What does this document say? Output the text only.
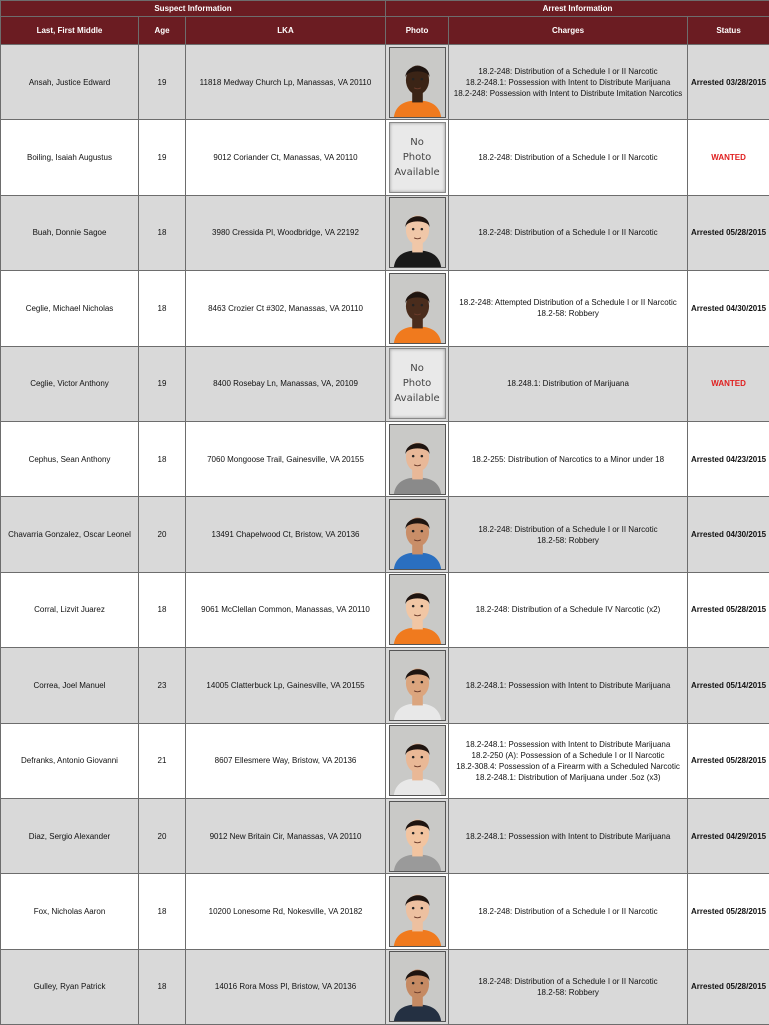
Suspect Information			Arrest Information		
Last, First Middle	Age	LKA	Photo	Charges	Status
Ansah, Justice Edward	19	11818 Medway Church Lp, Manassas, VA 20110		18.2-248: Distribution of a Schedule I or II Narcotic
18.2-248.1: Possession with Intent to Distribute Marijuana
18.2-248: Possession with Intent to Distribute Imitation Narcotics	Arrested 03/28/2015
Boiling, Isaiah Augustus	19	9012 Coriander Ct, Manassas, VA 20110	No
Photo
Available	18.2-248: Distribution of a Schedule I or II Narcotic	WANTED
Buah, Donnie Sagoe	18	3980 Cressida Pl, Woodbridge, VA 22192		18.2-248: Distribution of a Schedule I or II Narcotic	Arrested 05/28/2015
Ceglie, Michael Nicholas	18	8463 Crozier Ct #302, Manassas, VA 20110		18.2-248: Attempted Distribution of a Schedule I or II Narcotic
18.2-58: Robbery	Arrested 04/30/2015
Ceglie, Victor Anthony	19	8400 Rosebay Ln, Manassas, VA, 20109	No
Photo
Available	18.248.1: Distribution of Marijuana	WANTED
Cephus, Sean Anthony	18	7060 Mongoose Trail, Gainesville, VA 20155		18.2-255: Distribution of Narcotics to a Minor under 18	Arrested 04/23/2015
Chavarria Gonzalez, Oscar Leonel	20	13491 Chapelwood Ct, Bristow, VA 20136		18.2-248: Distribution of a Schedule I or II Narcotic
18.2-58: Robbery	Arrested 04/30/2015
Corral, Lizvit Juarez	18	9061 McClellan Common, Manassas, VA 20110		18.2-248: Distribution of a Schedule IV Narcotic (x2)	Arrested 05/28/2015
Correa, Joel Manuel	23	14005 Clatterbuck Lp, Gainesville, VA 20155		18.2-248.1: Possession with Intent to Distribute Marijuana	Arrested 05/14/2015
Defranks, Antonio Giovanni	21	8607 Ellesmere Way, Bristow, VA 20136		18.2-248.1: Possession with Intent to Distribute Marijuana
18.2-250 (A): Possession of a Schedule I or II Narcotic
18.2-308.4: Possession of a Firearm with a Scheduled Narcotic
18.2-248.1: Distribution of Marijuana under .5oz (x3)	Arrested 05/28/2015
Diaz, Sergio Alexander	20	9012 New Britain Cir, Manassas, VA 20110		18.2-248.1: Possession with Intent to Distribute Marijuana	Arrested 04/29/2015
Fox, Nicholas Aaron	18	10200 Lonesome Rd, Nokesville, VA 20182		18.2-248: Distribution of a Schedule I or II Narcotic	Arrested 05/28/2015
Gulley, Ryan Patrick	18	14016 Rora Moss Pl, Bristow, VA 20136		18.2-248: Distribution of a Schedule I or II Narcotic
18.2-58: Robbery	Arrested 05/28/2015
